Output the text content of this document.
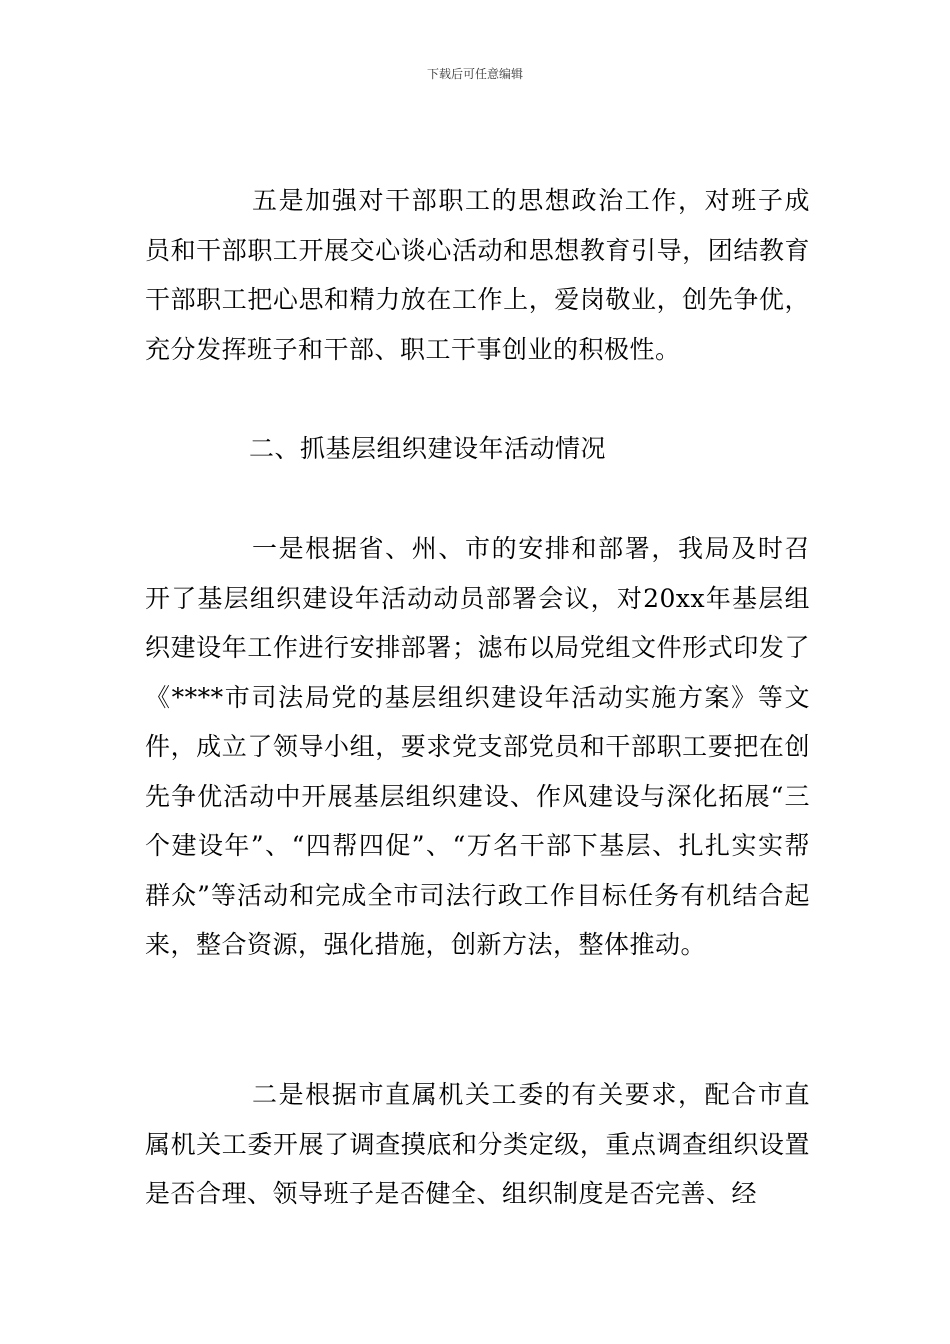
下载后可任意编辑

五是加强对干部职工的思想政治工作，对班子成员和干部职工开展交心谈心活动和思想教育引导，团结教育干部职工把心思和精力放在工作上，爱岗敬业，创先争优，充分发挥班子和干部、职工干事创业的积极性。

二、抓基层组织建设年活动情况

一是根据省、州、市的安排和部署，我局及时召开了基层组织建设年活动动员部署会议，对20xx年基层组织建设年工作进行安排部署；滤布以局党组文件形式印发了《****市司法局党的基层组织建设年活动实施方案》等文件，成立了领导小组，要求党支部党员和干部职工要把在创先争优活动中开展基层组织建设、作风建设与深化拓展“三个建设年”、“四帮四促”、“万名干部下基层、扎扎实实帮群众”等活动和完成全市司法行政工作目标任务有机结合起来，整合资源，强化措施，创新方法，整体推动。

二是根据市直属机关工委的有关要求，配合市直属机关工委开展了调查摸底和分类定级，重点调查组织设置是否合理、领导班子是否健全、组织制度是否完善、经
